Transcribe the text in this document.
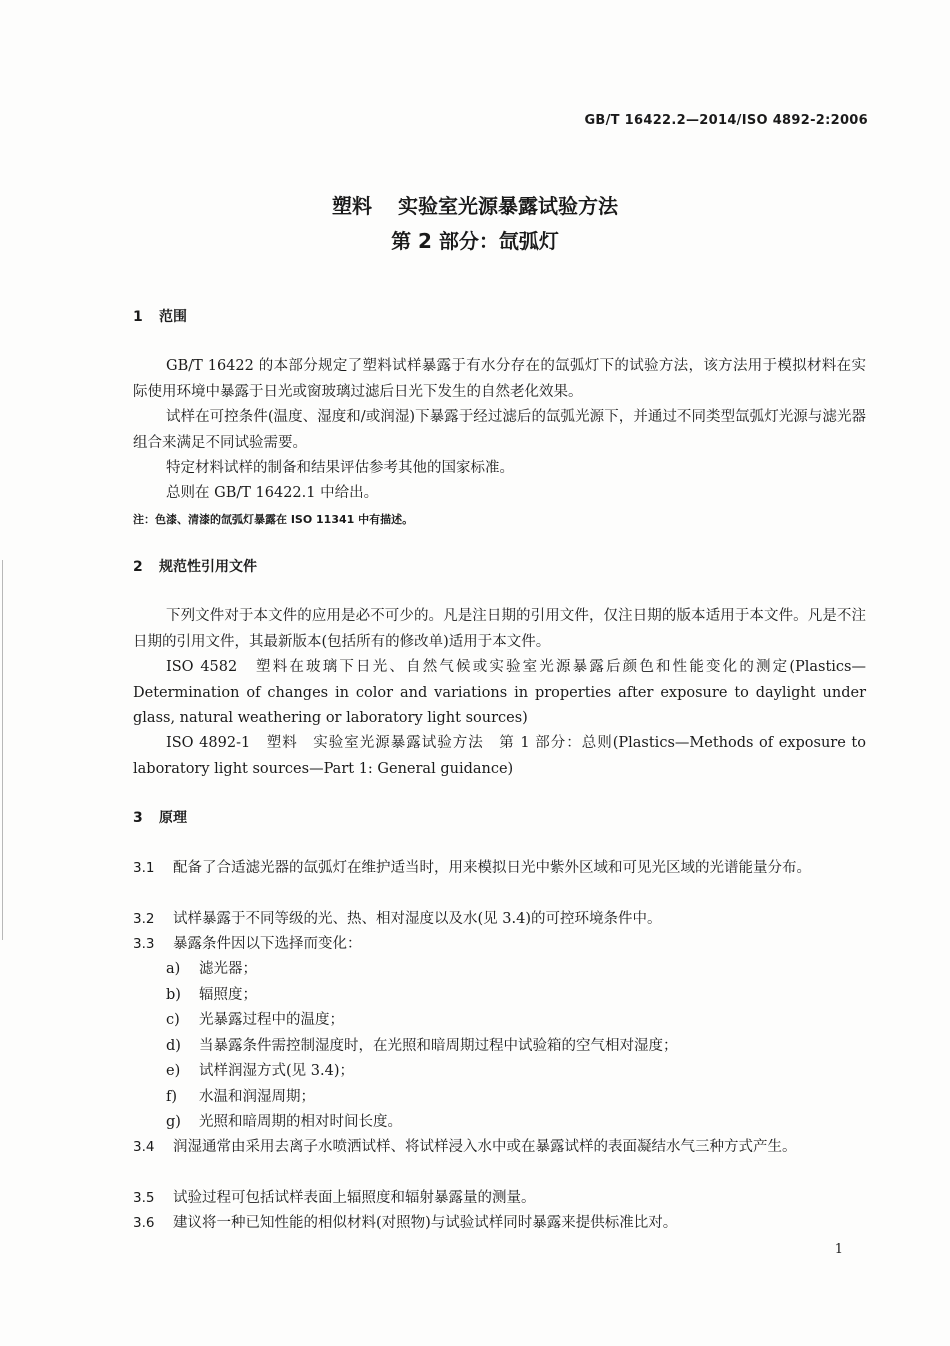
GB/T 16422.2—2014/ISO 4892-2:2006
塑料 实验室光源暴露试验方法
第 2 部分：氙弧灯
1 范围
GB/T 16422 的本部分规定了塑料试样暴露于有水分存在的氙弧灯下的试验方法，该方法用于模拟材料在实际使用环境中暴露于日光或窗玻璃过滤后日光下发生的自然老化效果。
试样在可控条件(温度、湿度和/或润湿)下暴露于经过滤后的氙弧光源下，并通过不同类型氙弧灯光源与滤光器组合来满足不同试验需要。
特定材料试样的制备和结果评估参考其他的国家标准。
总则在 GB/T 16422.1 中给出。
注：色漆、清漆的氙弧灯暴露在 ISO 11341 中有描述。
2 规范性引用文件
下列文件对于本文件的应用是必不可少的。凡是注日期的引用文件，仅注日期的版本适用于本文件。凡是不注日期的引用文件，其最新版本(包括所有的修改单)适用于本文件。
ISO 4582　塑料在玻璃下日光、自然气候或实验室光源暴露后颜色和性能变化的测定(Plastics—Determination of changes in color and variations in properties after exposure to daylight under glass, natural weathering or laboratory light sources)
ISO 4892-1　塑料　实验室光源暴露试验方法　第 1 部分：总则(Plastics—Methods of exposure to laboratory light sources—Part 1: General guidance)
3 原理
3.1 配备了合适滤光器的氙弧灯在维护适当时，用来模拟日光中紫外区域和可见光区域的光谱能量分布。
3.2 试样暴露于不同等级的光、热、相对湿度以及水(见 3.4)的可控环境条件中。
3.3 暴露条件因以下选择而变化：
a) 滤光器；
b) 辐照度；
c) 光暴露过程中的温度；
d) 当暴露条件需控制湿度时，在光照和暗周期过程中试验箱的空气相对湿度；
e) 试样润湿方式(见 3.4)；
f) 水温和润湿周期；
g) 光照和暗周期的相对时间长度。
3.4 润湿通常由采用去离子水喷洒试样、将试样浸入水中或在暴露试样的表面凝结水气三种方式产生。
3.5 试验过程可包括试样表面上辐照度和辐射暴露量的测量。
3.6 建议将一种已知性能的相似材料(对照物)与试验试样同时暴露来提供标准比对。
1
